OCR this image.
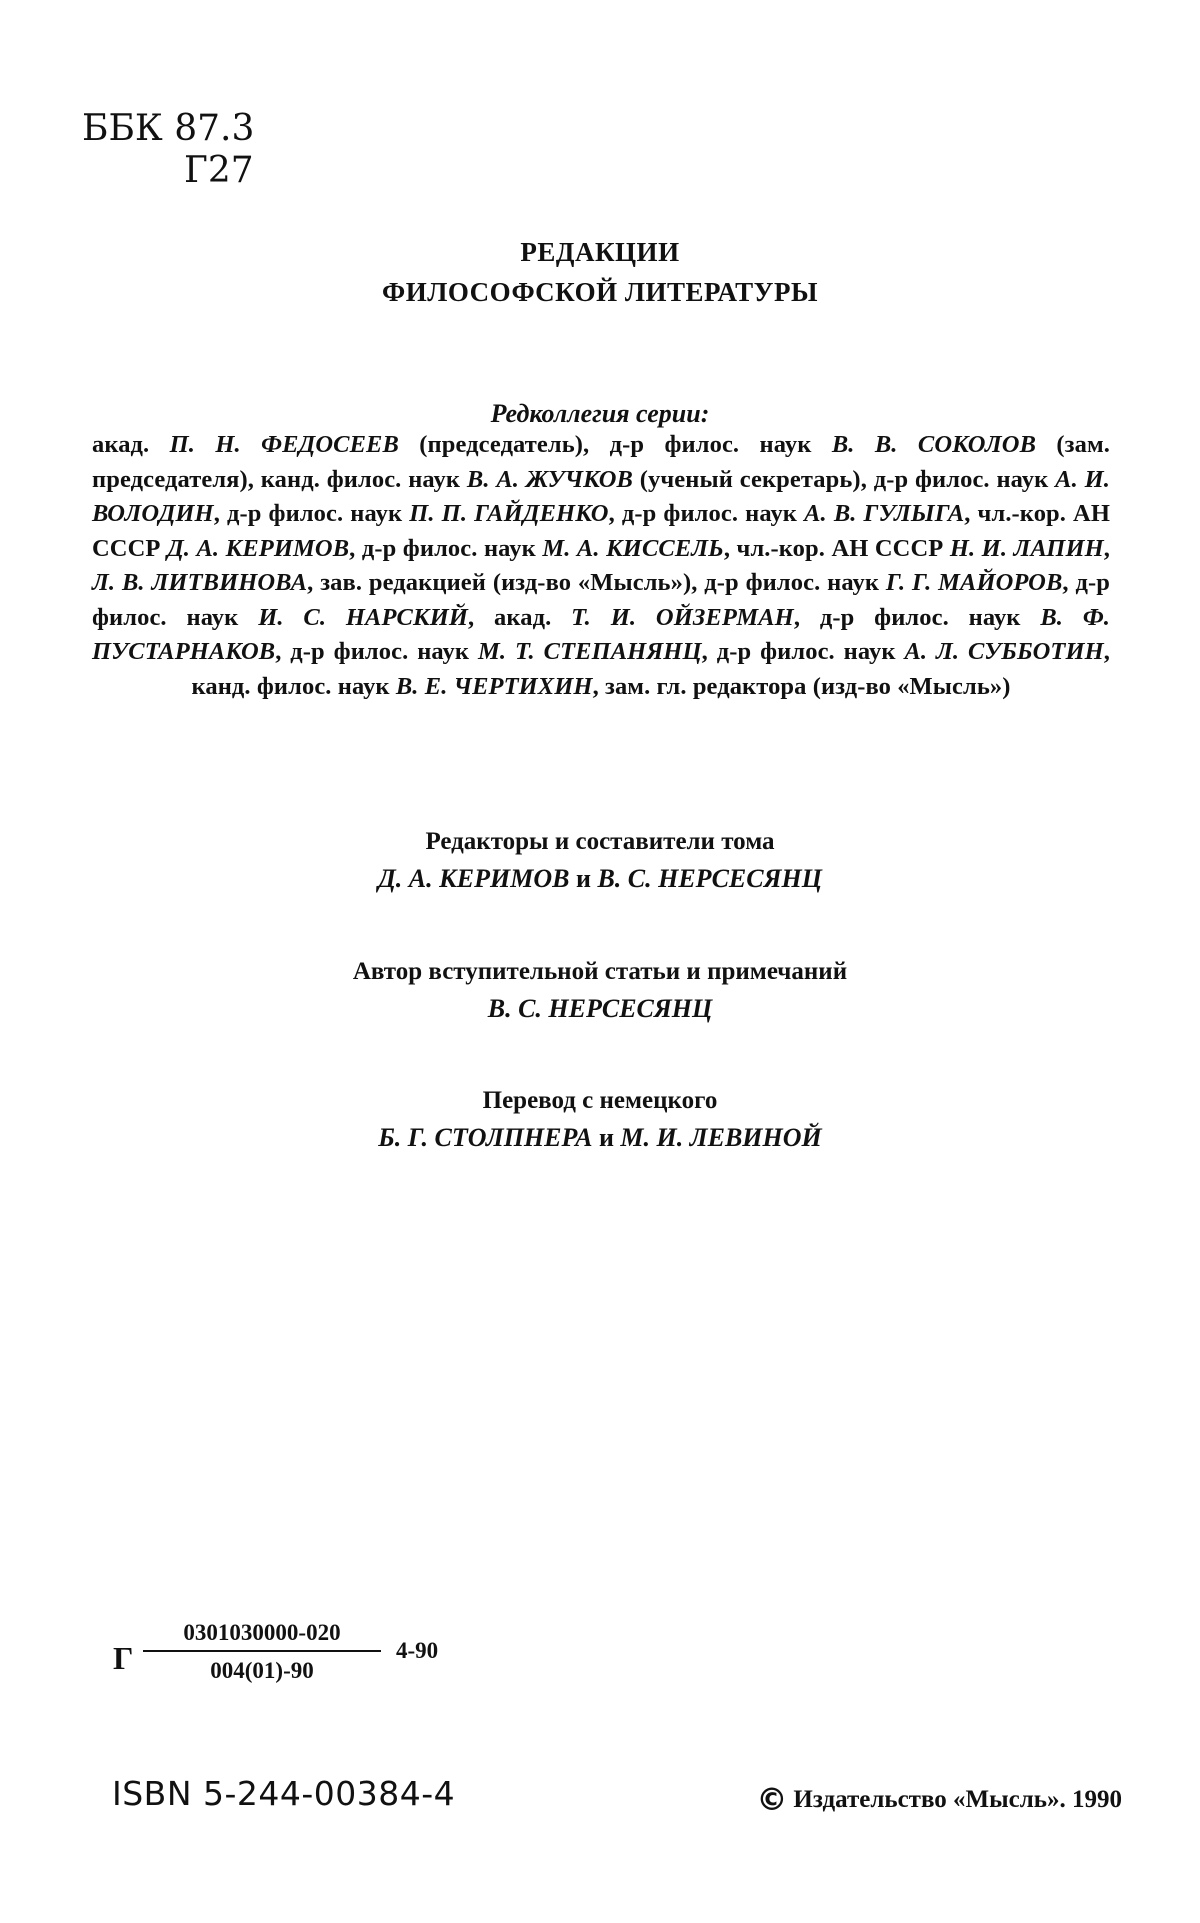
ББК 87.3
Г27
РЕДАКЦИИ
ФИЛОСОФСКОЙ ЛИТЕРАТУРЫ
Редколлегия серии:
акад. П. Н. ФЕДОСЕЕВ (председатель), д-р филос. наук В. В. СОКОЛОВ (зам. председателя), канд. филос. наук В. А. ЖУЧКОВ (ученый секретарь), д-р филос. наук А. И. ВОЛОДИН, д-р филос. наук П. П. ГАЙДЕНКО, д-р филос. наук А. В. ГУЛЫГА, чл.-кор. АН СССР Д. А. КЕРИМОВ, д-р филос. наук М. А. КИССЕЛЬ, чл.-кор. АН СССР Н. И. ЛАПИН, Л. В. ЛИТВИНОВА, зав. редакцией (изд-во «Мысль»), д-р филос. наук Г. Г. МАЙОРОВ, д-р филос. наук И. С. НАРСКИЙ, акад. Т. И. ОЙЗЕРМАН, д-р филос. наук В. Ф. ПУСТАРНАКОВ, д-р филос. наук М. Т. СТЕПАНЯНЦ, д-р филос. наук А. Л. СУББОТИН, канд. филос. наук В. Е. ЧЕРТИХИН, зам. гл. редактора (изд-во «Мысль»)
Редакторы и составители тома
Д. А. КЕРИМОВ и В. С. НЕРСЕСЯНЦ
Автор вступительной статьи и примечаний
В. С. НЕРСЕСЯНЦ
Перевод с немецкого
Б. Г. СТОЛПНЕРА и М. И. ЛЕВИНОЙ
Г
0301030000-020
004(01)-90
4-90
ISBN 5-244-00384-4	© Издательство «Мысль». 1990
